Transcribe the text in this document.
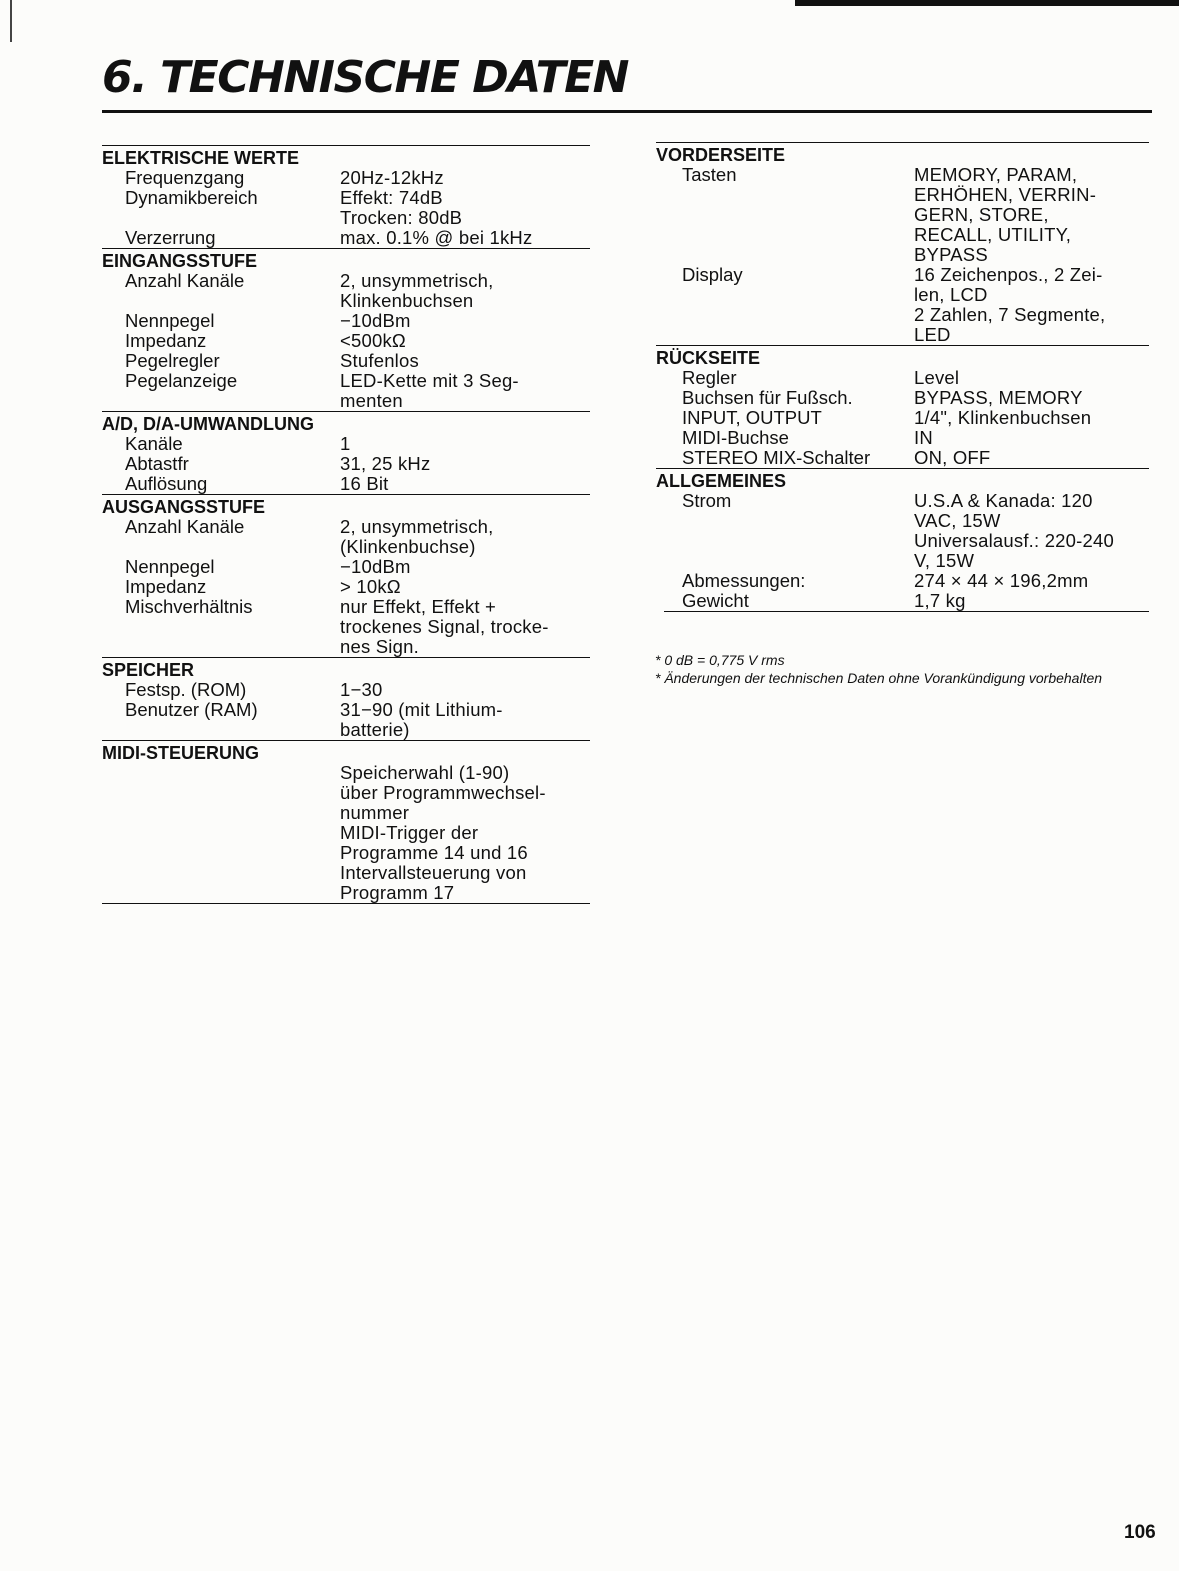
6. TECHNISCHE DATEN
ELEKTRISCHE WERTE
Frequenzgang	20Hz-12kHz
Dynamikbereich	Effekt: 74dB
Trocken: 80dB
Verzerrung	max. 0.1% @ bei 1kHz
EINGANGSSTUFE
Anzahl Kanäle	2, unsymmetrisch,
Klinkenbuchsen
Nennpegel	−10dBm
Impedanz	<500kΩ
Pegelregler	Stufenlos
Pegelanzeige	LED-Kette mit 3 Seg-
menten
A/D, D/A-UMWANDLUNG
Kanäle	1
Abtastfr	31, 25 kHz
Auflösung	16 Bit
AUSGANGSSTUFE
Anzahl Kanäle	2, unsymmetrisch,
(Klinkenbuchse)
Nennpegel	−10dBm
Impedanz	> 10kΩ
Mischverhältnis	nur Effekt, Effekt +
trockenes Signal, trocke-
nes Sign.
SPEICHER
Festsp. (ROM)	1−30
Benutzer (RAM)	31−90 (mit Lithium-
batterie)
MIDI-STEUERUNG
Speicherwahl (1-90)
über Programmwechsel-
nummer
MIDI-Trigger der
Programme 14 und 16
Intervallsteuerung von
Programm 17
VORDERSEITE
Tasten	MEMORY, PARAM,
ERHÖHEN, VERRIN-
GERN, STORE,
RECALL, UTILITY,
BYPASS
Display	16 Zeichenpos., 2 Zei-
len, LCD
2 Zahlen, 7 Segmente,
LED
RÜCKSEITE
Regler	Level
Buchsen für Fußsch.	BYPASS, MEMORY
INPUT, OUTPUT	1/4", Klinkenbuchsen
MIDI-Buchse	IN
STEREO MIX-Schalter	ON, OFF
ALLGEMEINES
Strom	U.S.A & Kanada: 120
VAC, 15W
Universalausf.: 220-240
V, 15W
Abmessungen:	274 × 44 × 196,2mm
Gewicht	1,7 kg
* 0 dB = 0,775 V rms
* Änderungen der technischen Daten ohne Vorankündigung vorbehalten
106
